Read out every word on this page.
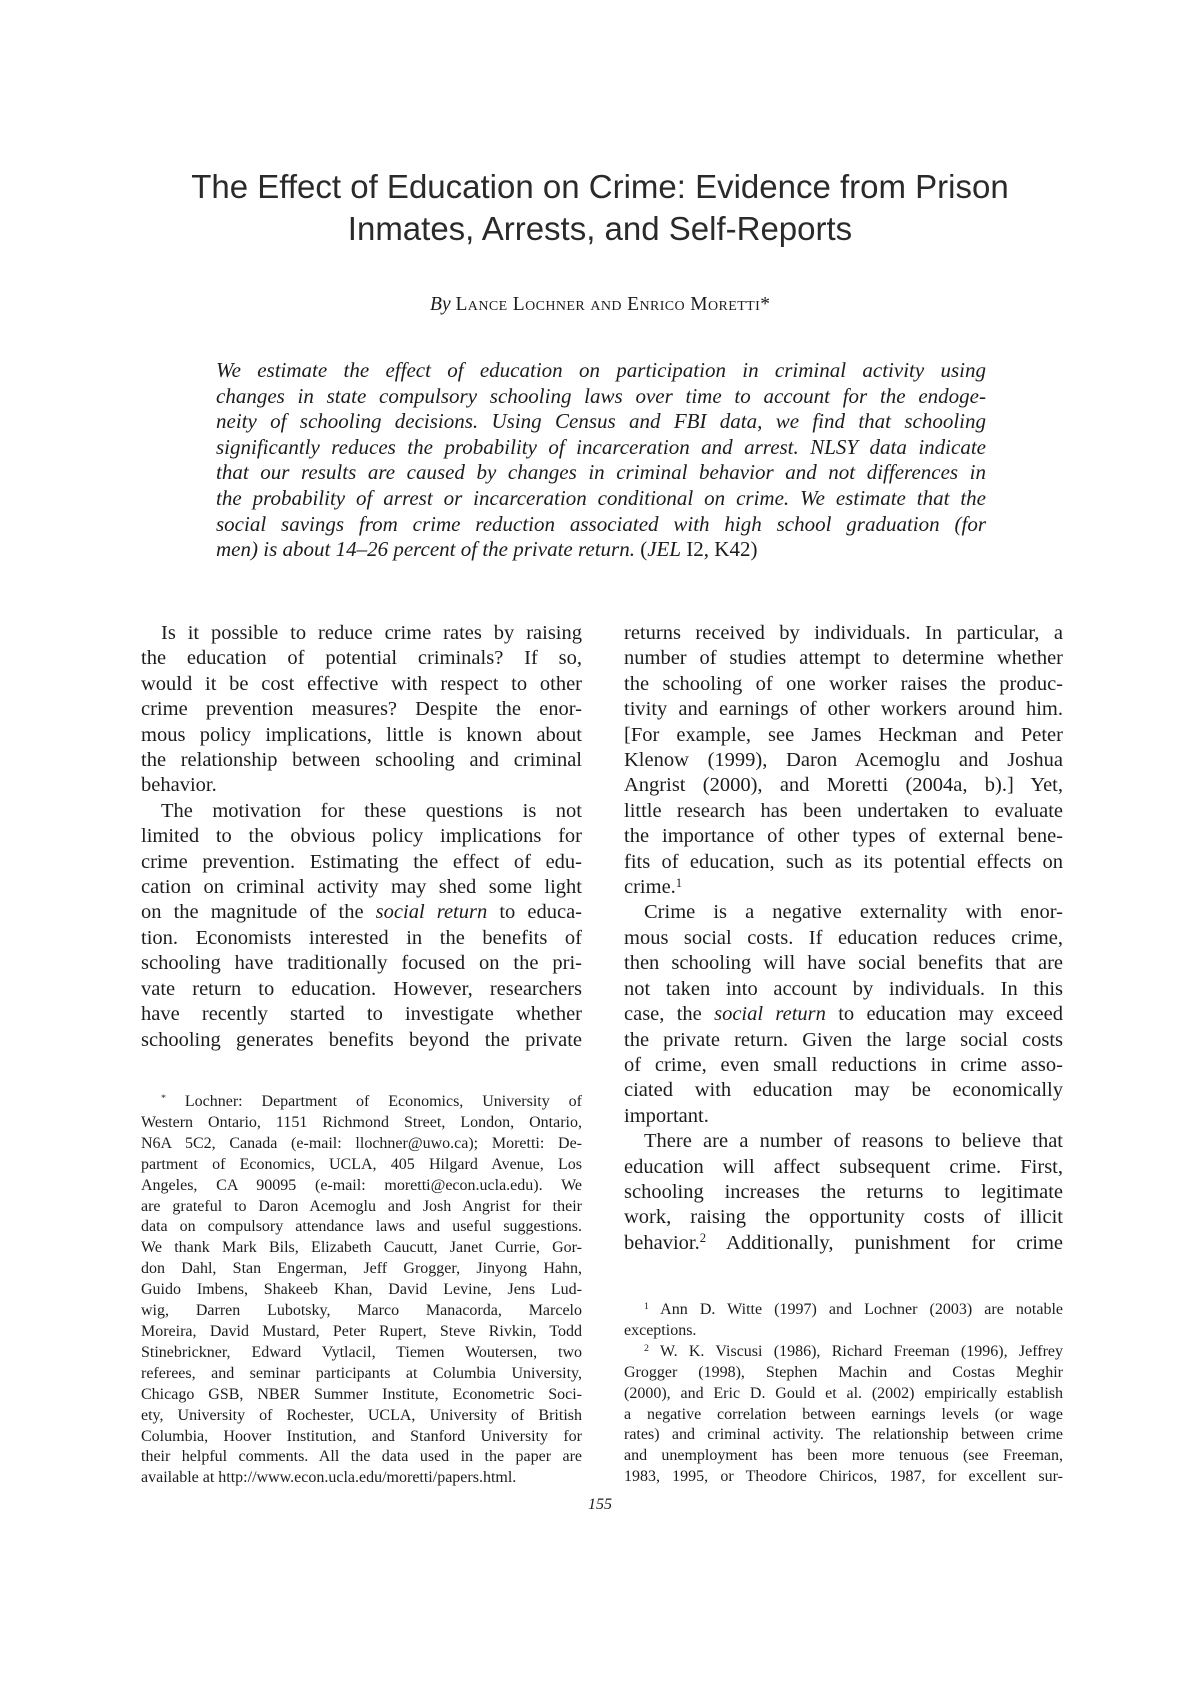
The Effect of Education on Crime: Evidence from Prison
Inmates, Arrests, and Self-Reports
By Lance Lochner and Enrico Moretti*
We estimate the effect of education on participation in criminal activity using
changes in state compulsory schooling laws over time to account for the endoge-
neity of schooling decisions. Using Census and FBI data, we find that schooling
significantly reduces the probability of incarceration and arrest. NLSY data indicate
that our results are caused by changes in criminal behavior and not differences in
the probability of arrest or incarceration conditional on crime. We estimate that the
social savings from crime reduction associated with high school graduation (for
men) is about 14–26 percent of the private return. (JEL I2, K42)
Is it possible to reduce crime rates by raising
the education of potential criminals? If so,
would it be cost effective with respect to other
crime prevention measures? Despite the enor-
mous policy implications, little is known about
the relationship between schooling and criminal
behavior.
The motivation for these questions is not
limited to the obvious policy implications for
crime prevention. Estimating the effect of edu-
cation on criminal activity may shed some light
on the magnitude of the social return to educa-
tion. Economists interested in the benefits of
schooling have traditionally focused on the pri-
vate return to education. However, researchers
have recently started to investigate whether
schooling generates benefits beyond the private
returns received by individuals. In particular, a
number of studies attempt to determine whether
the schooling of one worker raises the produc-
tivity and earnings of other workers around him.
[For example, see James Heckman and Peter
Klenow (1999), Daron Acemoglu and Joshua
Angrist (2000), and Moretti (2004a, b).] Yet,
little research has been undertaken to evaluate
the importance of other types of external bene-
fits of education, such as its potential effects on
crime.$^1$
Crime is a negative externality with enor-
mous social costs. If education reduces crime,
then schooling will have social benefits that are
not taken into account by individuals. In this
case, the social return to education may exceed
the private return. Given the large social costs
of crime, even small reductions in crime asso-
ciated with education may be economically
important.
There are a number of reasons to believe that
education will affect subsequent crime. First,
schooling increases the returns to legitimate
work, raising the opportunity costs of illicit
behavior.$^2$ Additionally, punishment for crime
* Lochner: Department of Economics, University of
Western Ontario, 1151 Richmond Street, London, Ontario,
N6A 5C2, Canada (e-mail: llochner@uwo.ca); Moretti: De-
partment of Economics, UCLA, 405 Hilgard Avenue, Los
Angeles, CA 90095 (e-mail: moretti@econ.ucla.edu). We
are grateful to Daron Acemoglu and Josh Angrist for their
data on compulsory attendance laws and useful suggestions.
We thank Mark Bils, Elizabeth Caucutt, Janet Currie, Gor-
don Dahl, Stan Engerman, Jeff Grogger, Jinyong Hahn,
Guido Imbens, Shakeeb Khan, David Levine, Jens Lud-
wig, Darren Lubotsky, Marco Manacorda, Marcelo
Moreira, David Mustard, Peter Rupert, Steve Rivkin, Todd
Stinebrickner, Edward Vytlacil, Tiemen Woutersen, two
referees, and seminar participants at Columbia University,
Chicago GSB, NBER Summer Institute, Econometric Soci-
ety, University of Rochester, UCLA, University of British
Columbia, Hoover Institution, and Stanford University for
their helpful comments. All the data used in the paper are
available at http://www.econ.ucla.edu/moretti/papers.html.
$^1$ Ann D. Witte (1997) and Lochner (2003) are notable
exceptions.
$^2$ W. K. Viscusi (1986), Richard Freeman (1996), Jeffrey
Grogger (1998), Stephen Machin and Costas Meghir
(2000), and Eric D. Gould et al. (2002) empirically establish
a negative correlation between earnings levels (or wage
rates) and criminal activity. The relationship between crime
and unemployment has been more tenuous (see Freeman,
1983, 1995, or Theodore Chiricos, 1987, for excellent sur-
155
